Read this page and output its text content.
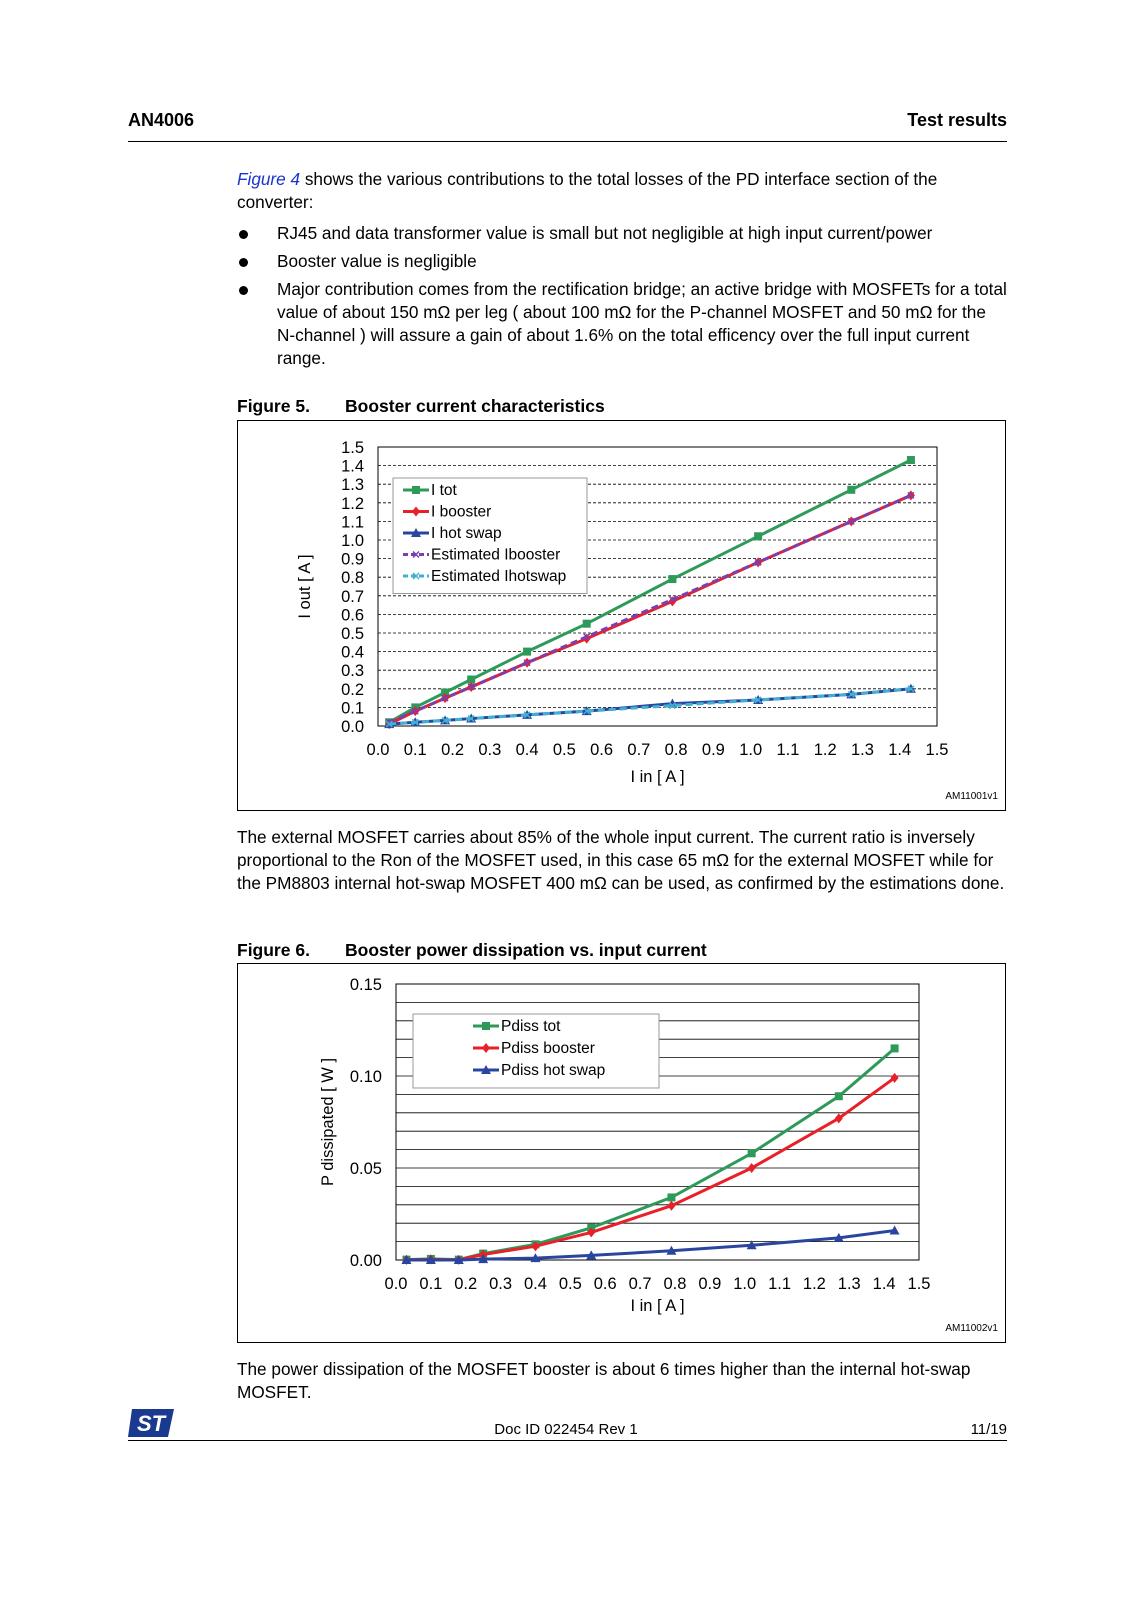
AN4006	Test results
Figure 4 shows the various contributions to the total losses of the PD interface section of the converter:
RJ45 and data transformer value is small but not negligible at high input current/power
Booster value is negligible
Major contribution comes from the rectification bridge; an active bridge with MOSFETs for a total value of about 150 mΩ per leg ( about 100 mΩ for the P-channel MOSFET and 50 mΩ for the N-channel ) will assure a gain of about 1.6% on the total efficency over the full input current range.
Figure 5. Booster current characteristics
0.0
0.1
0.2
0.3
0.4
0.5
0.6
0.7
0.8
0.9
1.0
1.1
1.2
1.3
1.4
1.5
0.0 0.1 0.2 0.3 0.4 0.5 0.6 0.7 0.8 0.9 1.0 1.1 1.2 1.3 1.4 1.5
I in [ A ]
I out [ A ]
I tot
I booster
I hot swap
Estimated Ibooster
Estimated Ihotswap
AM11001v1
The external MOSFET carries about 85% of the whole input current. The current ratio is inversely proportional to the Ron of the MOSFET used, in this case 65 mΩ for the external MOSFET while for the PM8803 internal hot-swap MOSFET 400 mΩ can be used, as confirmed by the estimations done.
Figure 6. Booster power dissipation vs. input current
0.00
0.05
0.10
0.15
0.0 0.1 0.2 0.3 0.4 0.5 0.6 0.7 0.8 0.9 1.0 1.1 1.2 1.3 1.4 1.5
I in [ A ]
P dissipated [ W ]
Pdiss tot
Pdiss booster
Pdiss hot swap
AM11002v1
The power dissipation of the MOSFET booster is about 6 times higher than the internal hot-swap MOSFET.
ST	Doc ID 022454 Rev 1	11/19
